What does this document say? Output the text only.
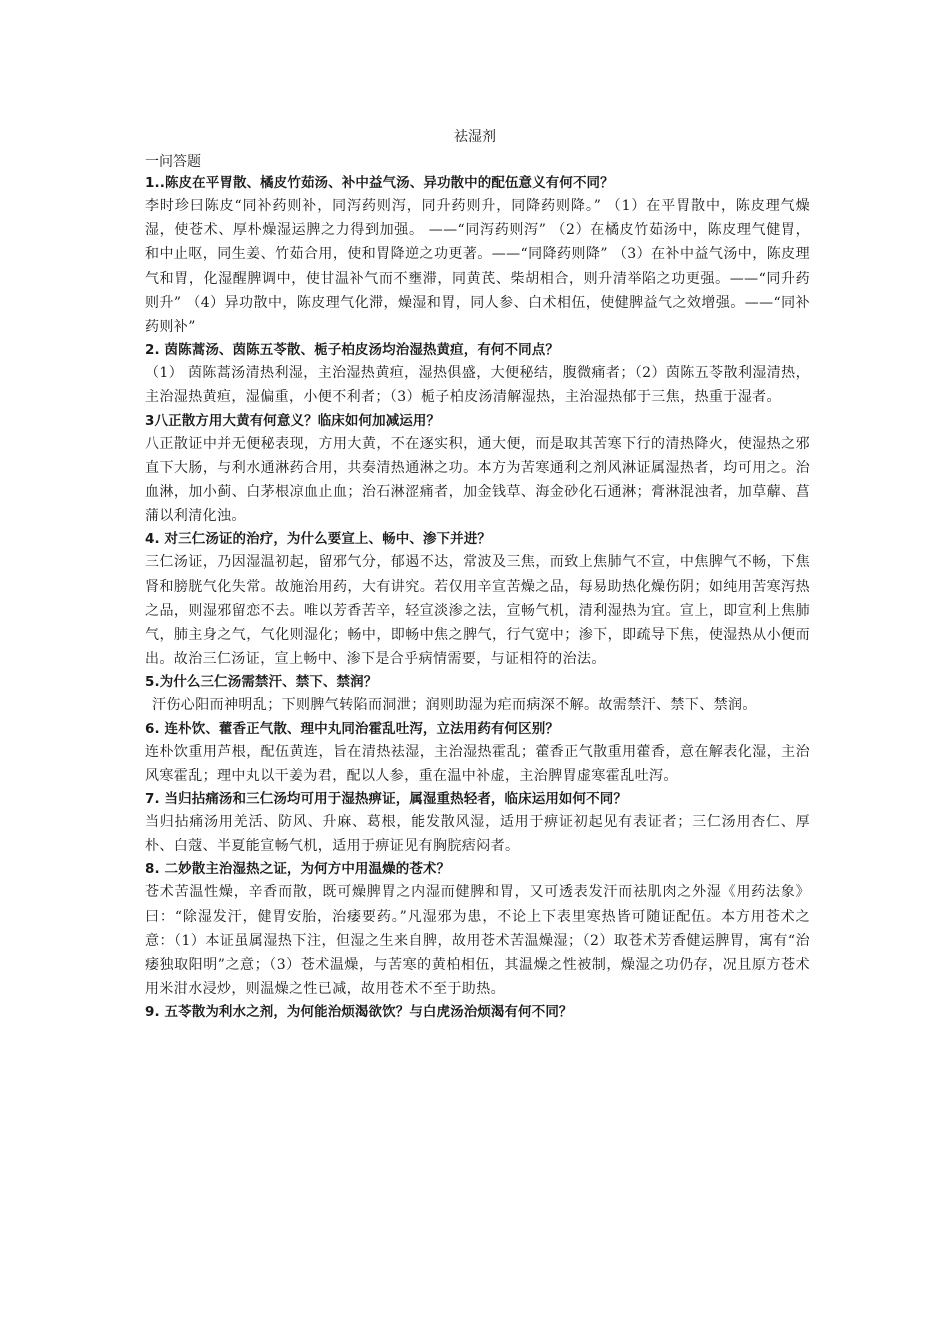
祛湿剂

一问答题

1..陈皮在平胃散、橘皮竹茹汤、补中益气汤、异功散中的配伍意义有何不同？

李时珍曰陈皮“同补药则补，同泻药则泻，同升药则升，同降药则降。” （1）在平胃散中，陈皮理气燥湿，使苍术、厚朴燥湿运脾之力得到加强。 ——“同泻药则泻” （2）在橘皮竹茹汤中，陈皮理气健胃，和中止呕，同生姜、竹茹合用，使和胃降逆之功更著。——“同降药则降” （3）在补中益气汤中，陈皮理气和胃，化湿醒脾调中，使甘温补气而不壅滞，同黄芪、柴胡相合，则升清举陷之功更强。——“同升药则升” （4）异功散中，陈皮理气化滞，燥湿和胃，同人参、白术相伍，使健脾益气之效增强。——“同补药则补”

2. 茵陈蒿汤、茵陈五苓散、栀子柏皮汤均治湿热黄疸，有何不同点？

（1） 茵陈蒿汤清热利湿，主治湿热黄疸，湿热俱盛，大便秘结，腹微痛者；（2）茵陈五苓散利湿清热，主治湿热黄疸，湿偏重，小便不利者；（3）栀子柏皮汤清解湿热，主治湿热郁于三焦，热重于湿者。

3八正散方用大黄有何意义？临床如何加减运用？

八正散证中并无便秘表现，方用大黄，不在逐实积，通大便，而是取其苦寒下行的清热降火，使湿热之邪直下大肠，与利水通淋药合用，共奏清热通淋之功。本方为苦寒通利之剂风淋证属湿热者，均可用之。治血淋，加小蓟、白茅根凉血止血；治石淋涩痛者，加金钱草、海金砂化石通淋；膏淋混浊者，加草薢、菖蒲以利清化浊。

4. 对三仁汤证的治疗，为什么要宣上、畅中、渗下并进？

三仁汤证，乃因湿温初起，留邪气分，郁遏不达，常波及三焦，而致上焦肺气不宣，中焦脾气不畅，下焦肾和膀胱气化失常。故施治用药，大有讲究。若仅用辛宣苦燥之品，每易助热化燥伤阴；如纯用苦寒泻热之品，则湿邪留恋不去。唯以芳香苦辛，轻宣淡渗之法，宣畅气机，清利湿热为宜。宣上，即宣利上焦肺气，肺主身之气，气化则湿化；畅中，即畅中焦之脾气，行气宽中；渗下，即疏导下焦，使湿热从小便而出。故治三仁汤证，宣上畅中、渗下是合乎病情需要，与证相符的治法。

5.为什么三仁汤需禁汗、禁下、禁润？

汗伤心阳而神明乱；下则脾气转陷而洞泄；润则助湿为疟而病深不解。故需禁汗、禁下、禁润。

6. 连朴饮、藿香正气散、理中丸同治霍乱吐泻，立法用药有何区别？

连朴饮重用芦根，配伍黄连，旨在清热祛湿，主治湿热霍乱；藿香正气散重用藿香，意在解表化湿，主治风寒霍乱；理中丸以干姜为君，配以人参，重在温中补虚，主治脾胃虚寒霍乱吐泻。

7. 当归拈痛汤和三仁汤均可用于湿热痹证，属湿重热轻者，临床运用如何不同？

当归拈痛汤用羌活、防风、升麻、葛根，能发散风湿，适用于痹证初起见有表证者；三仁汤用杏仁、厚朴、白蔻、半夏能宣畅气机，适用于痹证见有胸脘痞闷者。

8. 二妙散主治湿热之证，为何方中用温燥的苍术？

苍术苦温性燥，辛香而散，既可燥脾胃之内湿而健脾和胃，又可透表发汗而祛肌肉之外湿《用药法象》曰：“除湿发汗，健胃安胎，治痿要药。”凡湿邪为患，不论上下表里寒热皆可随证配伍。本方用苍术之意：（1）本证虽属湿热下注，但湿之生来自脾，故用苍术苦温燥湿；（2）取苍术芳香健运脾胃，寓有“治痿独取阳明”之意；（3）苍术温燥，与苦寒的黄柏相伍，其温燥之性被制，燥湿之功仍存，况且原方苍术用米泔水浸炒，则温燥之性已减，故用苍术不至于助热。

9. 五苓散为利水之剂，为何能治烦渴欲饮？与白虎汤治烦渴有何不同？
